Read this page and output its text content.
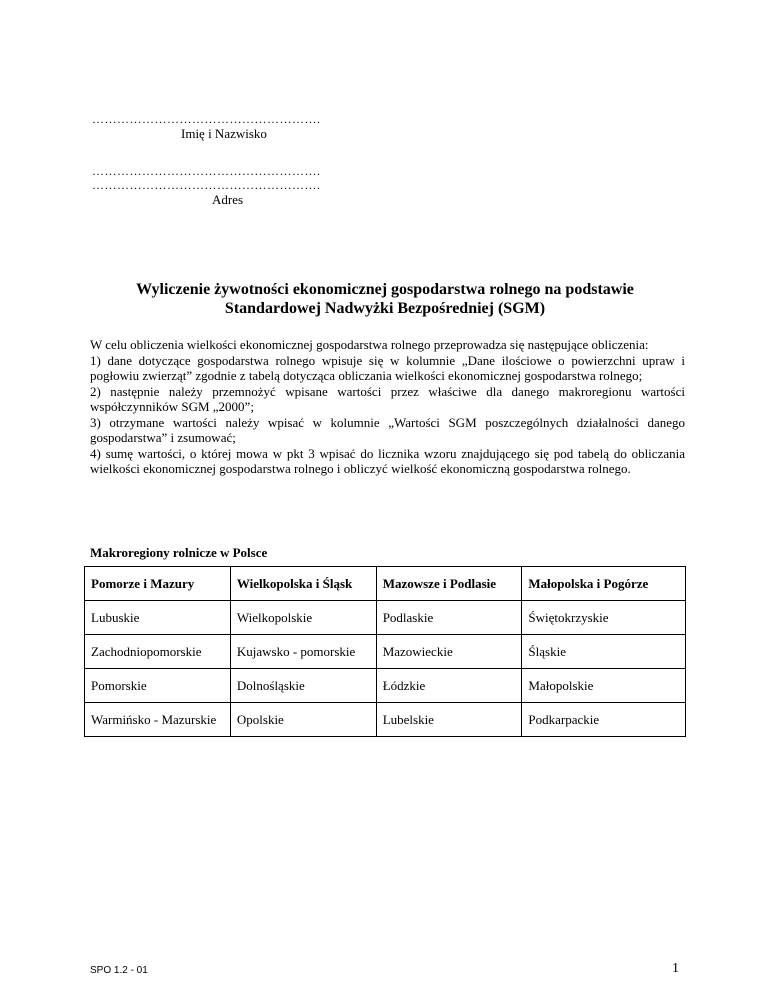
……………………………………………….
Imię i Nazwisko
……………………………………………….
……………………………………………….
Adres
Wyliczenie żywotności ekonomicznej gospodarstwa rolnego na podstawie
Standardowej Nadwyżki Bezpośredniej (SGM)

W celu obliczenia wielkości ekonomicznej gospodarstwa rolnego przeprowadza się następujące obliczenia:

1) dane dotyczące gospodarstwa rolnego wpisuje się w kolumnie „Dane ilościowe o powierzchni upraw i pogłowiu zwierząt” zgodnie z tabelą dotycząca obliczania wielkości ekonomicznej gospodarstwa rolnego;

2) następnie należy przemnożyć wpisane wartości przez właściwe dla danego makroregionu wartości współczynników SGM „2000”;

3) otrzymane wartości należy wpisać w kolumnie „Wartości SGM poszczególnych działalności danego gospodarstwa” i zsumować;

4) sumę wartości, o której mowa w pkt 3 wpisać do licznika wzoru znajdującego się pod tabelą do obliczania wielkości ekonomicznej gospodarstwa rolnego i obliczyć wielkość ekonomiczną gospodarstwa rolnego.

Makroregiony rolnicze w Polsce
Pomorze i Mazury	Wielkopolska i Śląsk	Mazowsze i Podlasie	Małopolska i Pogórze
Lubuskie	Wielkopolskie	Podlaskie	Świętokrzyskie
Zachodniopomorskie	Kujawsko - pomorskie	Mazowieckie	Śląskie
Pomorskie	Dolnośląskie	Łódzkie	Małopolskie
Warmińsko - Mazurskie	Opolskie	Lubelskie	Podkarpackie
SPO 1.2 - 01	1
